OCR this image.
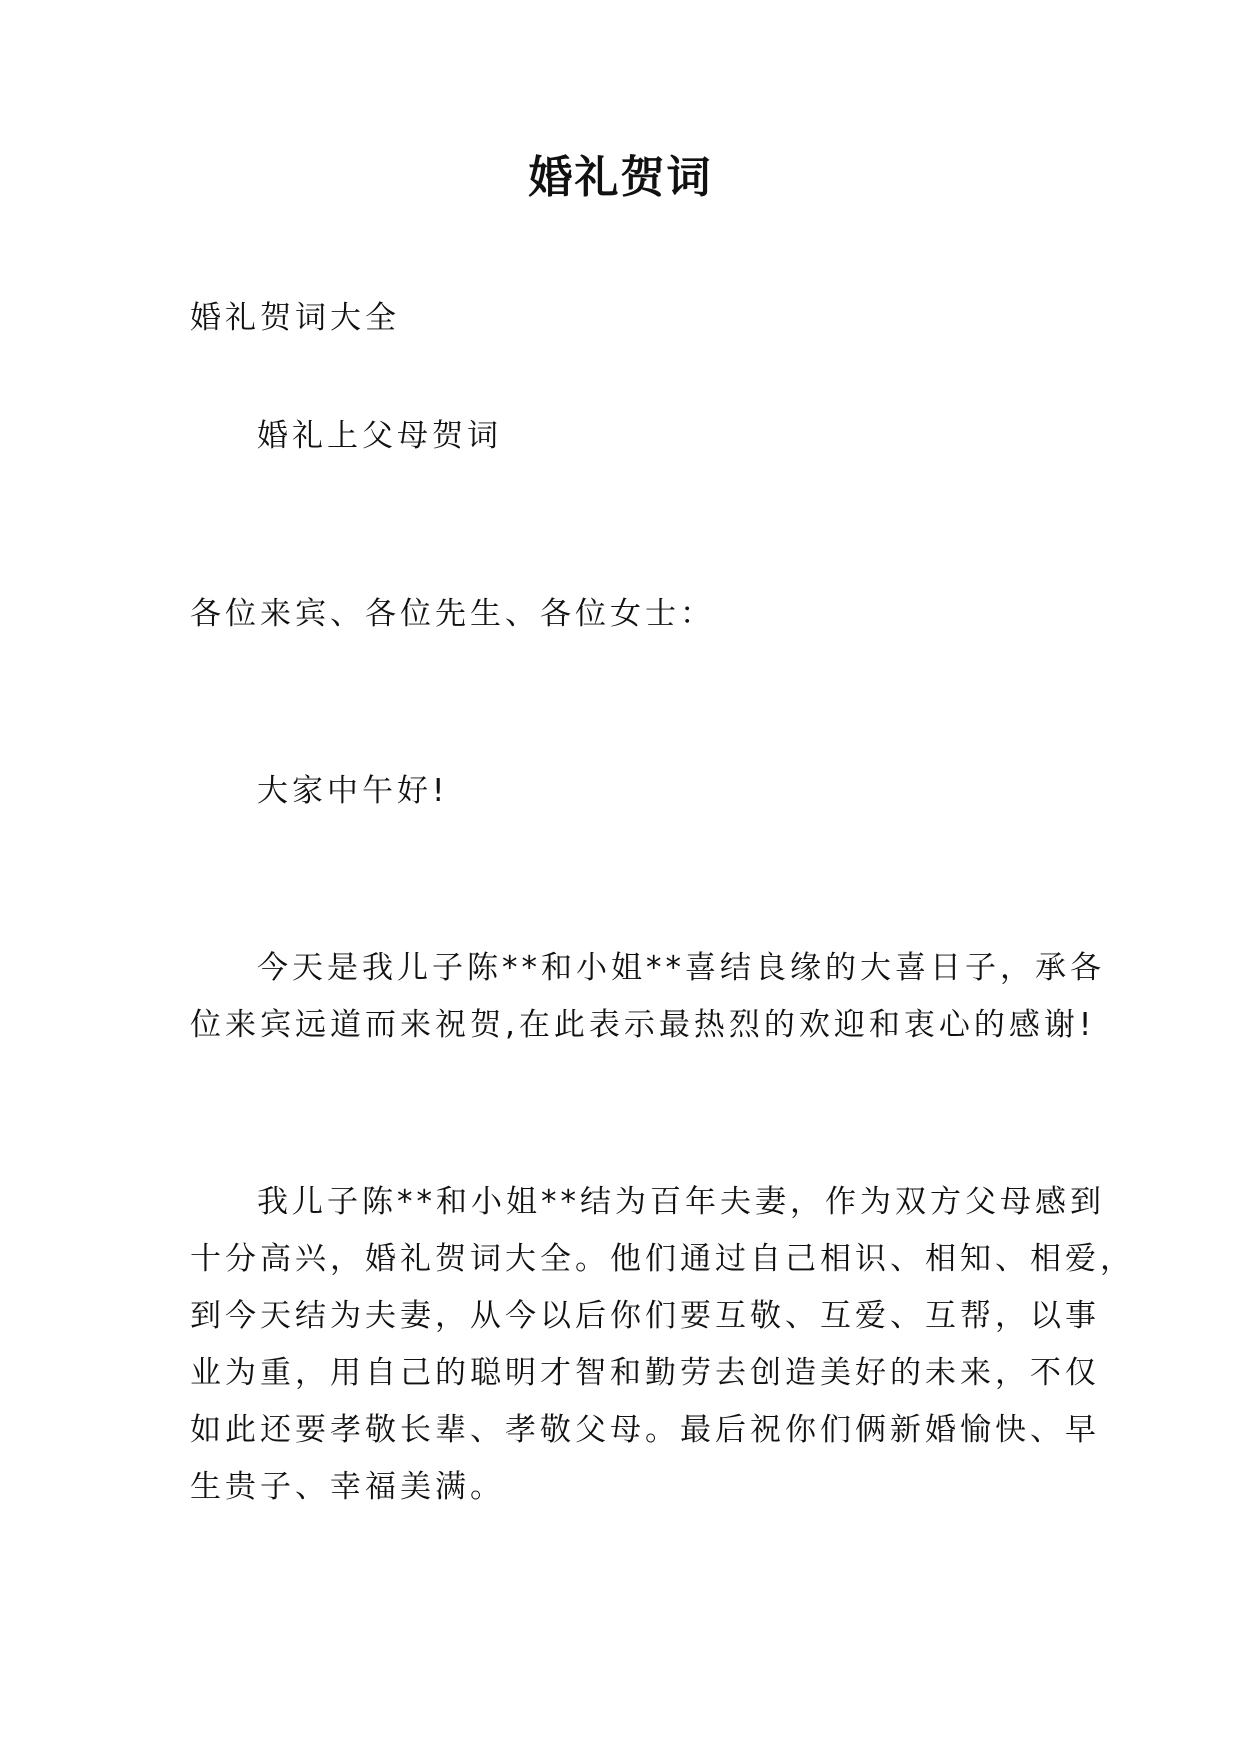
婚礼贺词
婚礼贺词大全
婚礼上父母贺词
各位来宾、各位先生、各位女士：
大家中午好!
今天是我儿子陈**和小姐**喜结良缘的大喜日子，承各
位来宾远道而来祝贺,在此表示最热烈的欢迎和衷心的感谢!
我儿子陈**和小姐**结为百年夫妻，作为双方父母感到
十分高兴，婚礼贺词大全。他们通过自己相识、相知、相爱，
到今天结为夫妻，从今以后你们要互敬、互爱、互帮，以事
业为重，用自己的聪明才智和勤劳去创造美好的未来，不仅
如此还要孝敬长辈、孝敬父母。最后祝你们俩新婚愉快、早
生贵子、幸福美满。
